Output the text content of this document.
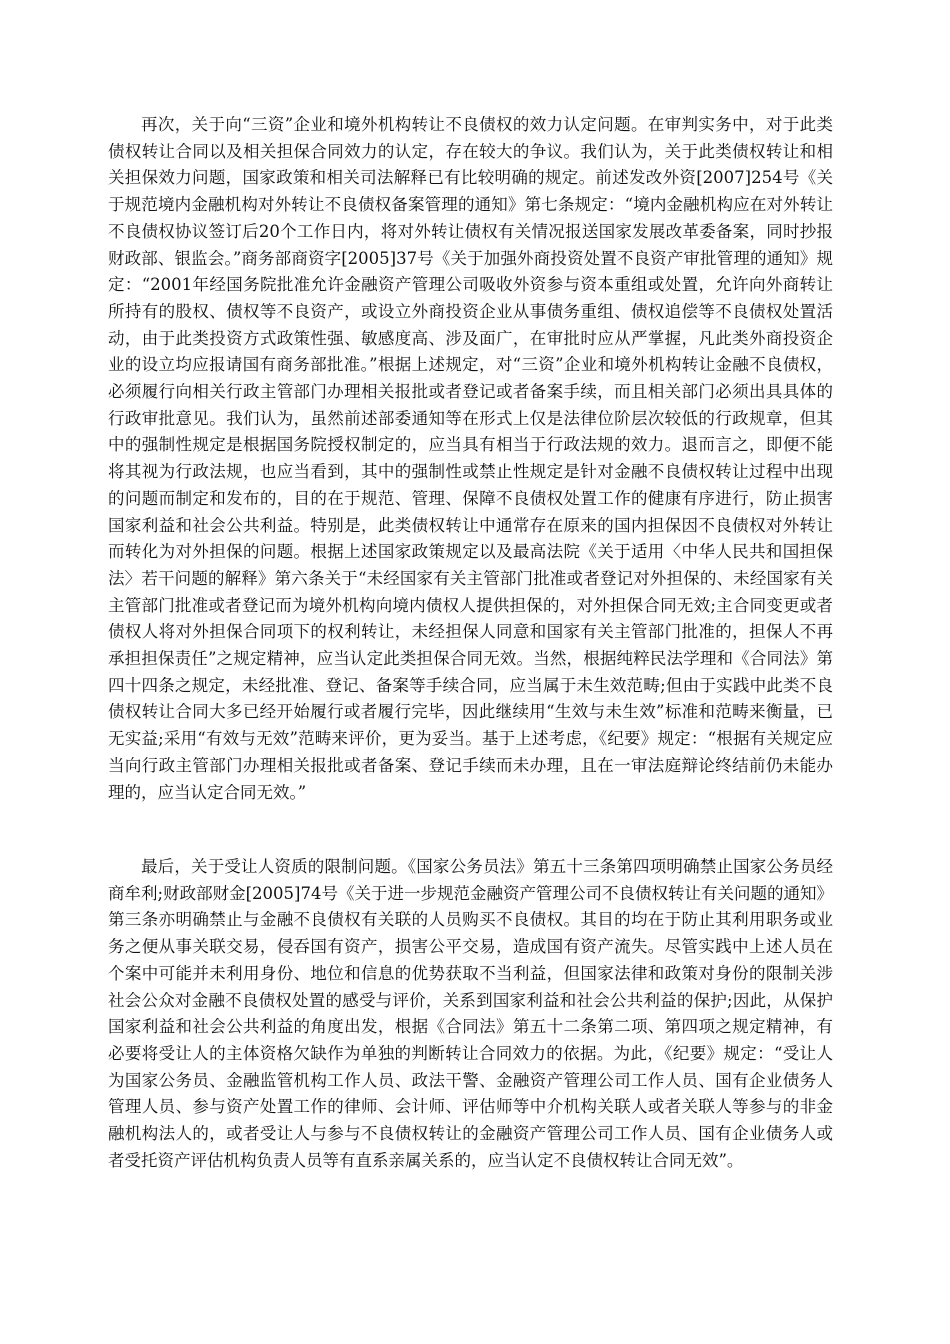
再次，关于向“三资”企业和境外机构转让不良债权的效力认定问题。在审判实务中，对于此类债权转让合同以及相关担保合同效力的认定，存在较大的争议。我们认为，关于此类债权转让和相关担保效力问题，国家政策和相关司法解释已有比较明确的规定。前述发改外资[2007]254号《关于规范境内金融机构对外转让不良债权备案管理的通知》第七条规定：“境内金融机构应在对外转让不良债权协议签订后20个工作日内，将对外转让债权有关情况报送国家发展改革委备案，同时抄报财政部、银监会。”商务部商资字[2005]37号《关于加强外商投资处置不良资产审批管理的通知》规定：“2001年经国务院批准允许金融资产管理公司吸收外资参与资本重组或处置，允许向外商转让所持有的股权、债权等不良资产，或设立外商投资企业从事债务重组、债权追偿等不良债权处置活动，由于此类投资方式政策性强、敏感度高、涉及面广，在审批时应从严掌握，凡此类外商投资企业的设立均应报请国有商务部批准。”根据上述规定，对“三资”企业和境外机构转让金融不良债权，必须履行向相关行政主管部门办理相关报批或者登记或者备案手续，而且相关部门必须出具具体的行政审批意见。我们认为，虽然前述部委通知等在形式上仅是法律位阶层次较低的行政规章，但其中的强制性规定是根据国务院授权制定的，应当具有相当于行政法规的效力。退而言之，即便不能将其视为行政法规，也应当看到，其中的强制性或禁止性规定是针对金融不良债权转让过程中出现的问题而制定和发布的，目的在于规范、管理、保障不良债权处置工作的健康有序进行，防止损害国家利益和社会公共利益。特别是，此类债权转让中通常存在原来的国内担保因不良债权对外转让而转化为对外担保的问题。根据上述国家政策规定以及最高法院《关于适用〈中华人民共和国担保法〉若干问题的解释》第六条关于“未经国家有关主管部门批准或者登记对外担保的、未经国家有关主管部门批准或者登记而为境外机构向境内债权人提供担保的，对外担保合同无效;主合同变更或者债权人将对外担保合同项下的权利转让，未经担保人同意和国家有关主管部门批准的，担保人不再承担担保责任”之规定精神，应当认定此类担保合同无效。当然，根据纯粹民法学理和《合同法》第四十四条之规定，未经批准、登记、备案等手续合同，应当属于未生效范畴;但由于实践中此类不良债权转让合同大多已经开始履行或者履行完毕，因此继续用“生效与未生效”标准和范畴来衡量，已无实益;采用“有效与无效”范畴来评价，更为妥当。基于上述考虑，《纪要》规定：“根据有关规定应当向行政主管部门办理相关报批或者备案、登记手续而未办理，且在一审法庭辩论终结前仍未能办理的，应当认定合同无效。”

最后，关于受让人资质的限制问题。《国家公务员法》第五十三条第四项明确禁止国家公务员经商牟利;财政部财金[2005]74号《关于进一步规范金融资产管理公司不良债权转让有关问题的通知》第三条亦明确禁止与金融不良债权有关联的人员购买不良债权。其目的均在于防止其利用职务或业务之便从事关联交易，侵吞国有资产，损害公平交易，造成国有资产流失。尽管实践中上述人员在个案中可能并未利用身份、地位和信息的优势获取不当利益，但国家法律和政策对身份的限制关涉社会公众对金融不良债权处置的感受与评价，关系到国家利益和社会公共利益的保护;因此，从保护国家利益和社会公共利益的角度出发，根据《合同法》第五十二条第二项、第四项之规定精神，有必要将受让人的主体资格欠缺作为单独的判断转让合同效力的依据。为此，《纪要》规定：“受让人为国家公务员、金融监管机构工作人员、政法干警、金融资产管理公司工作人员、国有企业债务人管理人员、参与资产处置工作的律师、会计师、评估师等中介机构关联人或者关联人等参与的非金融机构法人的，或者受让人与参与不良债权转让的金融资产管理公司工作人员、国有企业债务人或者受托资产评估机构负责人员等有直系亲属关系的，应当认定不良债权转让合同无效”。
